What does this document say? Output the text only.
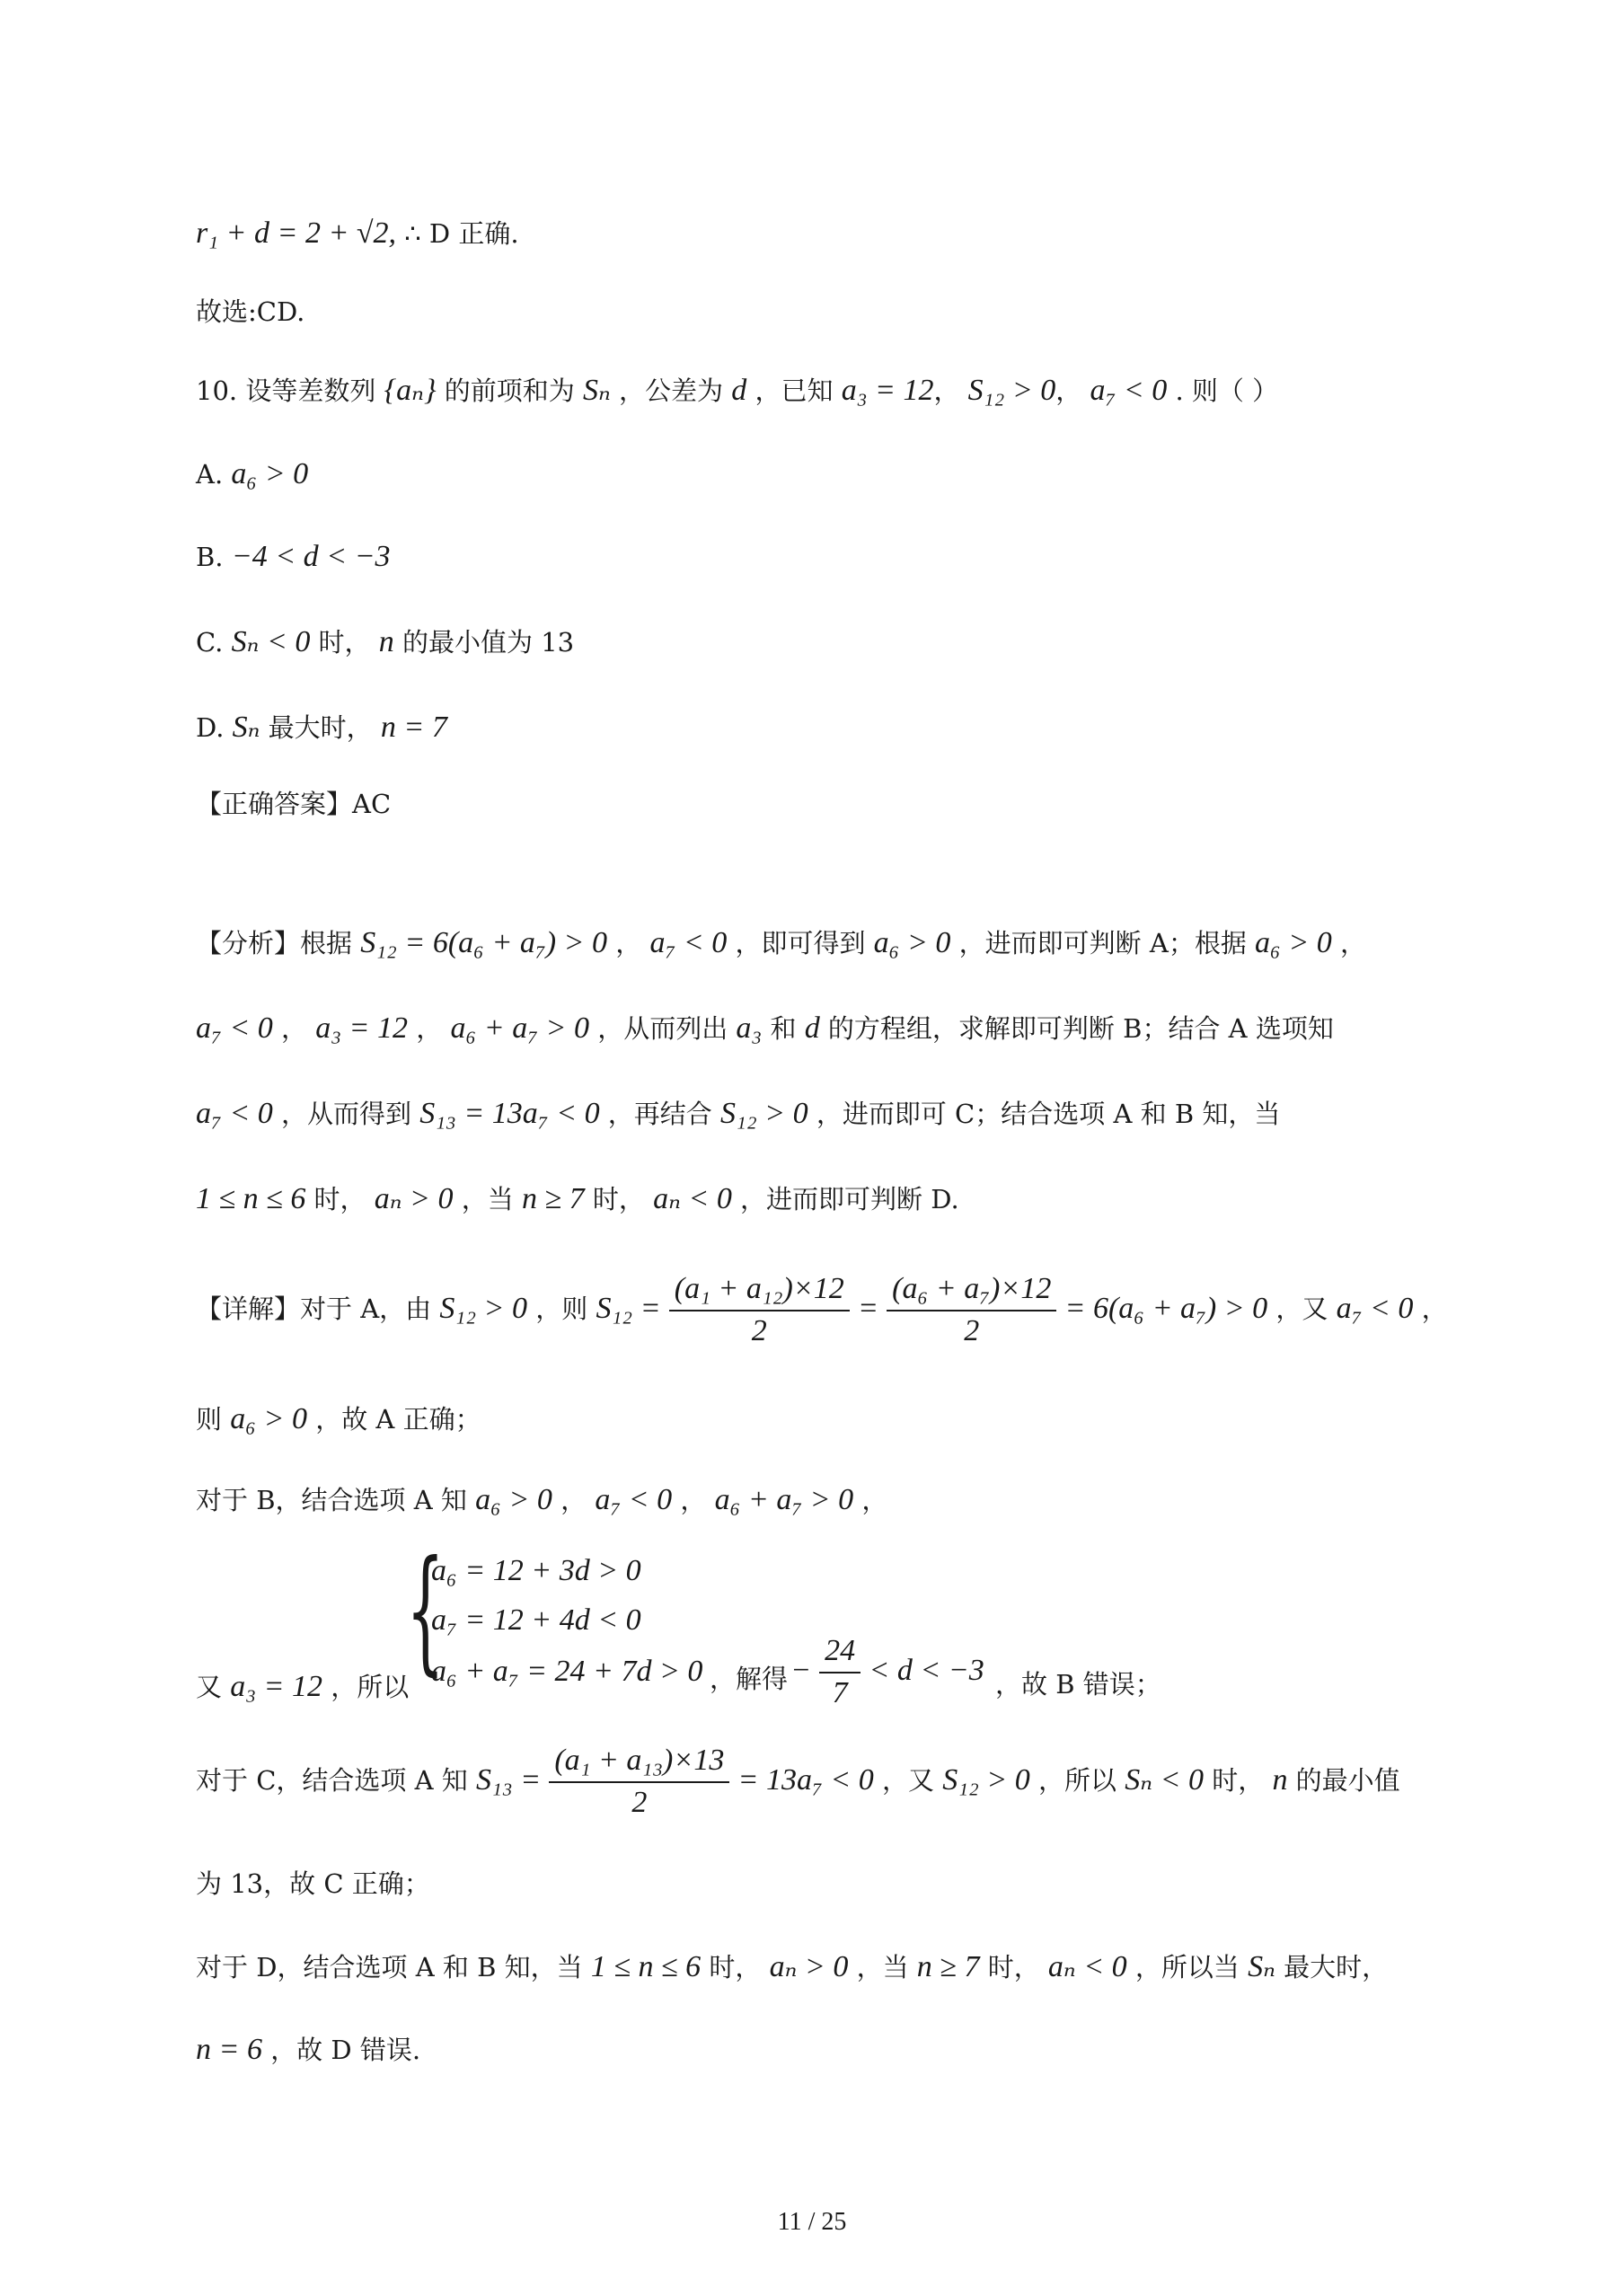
r₁ + d = 2 + √2, ∴ D 正确.
故选:CD.
10. 设等差数列 {aₙ} 的前项和为 Sₙ ，公差为 d ，已知 a₃ = 12， S₁₂ > 0， a₇ < 0 . 则（ ）
A. a₆ > 0
B. −4 < d < −3
C. Sₙ < 0 时， n 的最小值为 13
D. Sₙ 最大时， n = 7
【正确答案】AC
【分析】根据 S₁₂ = 6(a₆ + a₇) > 0 ， a₇ < 0 ，即可得到 a₆ > 0 ，进而即可判断 A；根据 a₆ > 0 ，
a₇ < 0 ， a₃ = 12 ， a₆ + a₇ > 0 ，从而列出 a₃ 和 d 的方程组，求解即可判断 B；结合 A 选项知
a₇ < 0 ，从而得到 S₁₃ = 13a₇ < 0 ，再结合 S₁₂ > 0 ，进而即可 C；结合选项 A 和 B 知，当
1 ≤ n ≤ 6 时， aₙ > 0 ，当 n ≥ 7 时， aₙ < 0 ，进而即可判断 D.
【详解】对于 A，由 S₁₂ > 0 ，则 $S_{12} = \frac{\text{(a₁ + a₁₂)×12}}{2} = \frac{\text{(a₆ + a₇)×12}}{2} = 6(a_6 + a_7) > 0$ ，又 a₇ < 0 ，
则 a₆ > 0 ，故 A 正确；
对于 B，结合选项 A 知 a₆ > 0 ， a₇ < 0 ， a₆ + a₇ > 0 ，
{
a₆ = 12 + 3d > 0
a₇ = 12 + 4d < 0
a₆ + a₇ = 24 + 7d > 0
又 a₃ = 12 ，所以	，解得 − $\frac{24}{7} < d < -3$ ，故 B 错误；
对于 C，结合选项 A 知 $S_{13} = \frac{\text{(a₁ + a₁₃)×13}}{2} = 13a_7 < 0$ ，又 S₁₂ > 0 ，所以 Sₙ < 0 时， n 的最小值
为 13，故 C 正确；
对于 D，结合选项 A 和 B 知，当 1 ≤ n ≤ 6 时， aₙ > 0 ，当 n ≥ 7 时， aₙ < 0 ，所以当 Sₙ 最大时，
n = 6 ，故 D 错误.
11 / 25
